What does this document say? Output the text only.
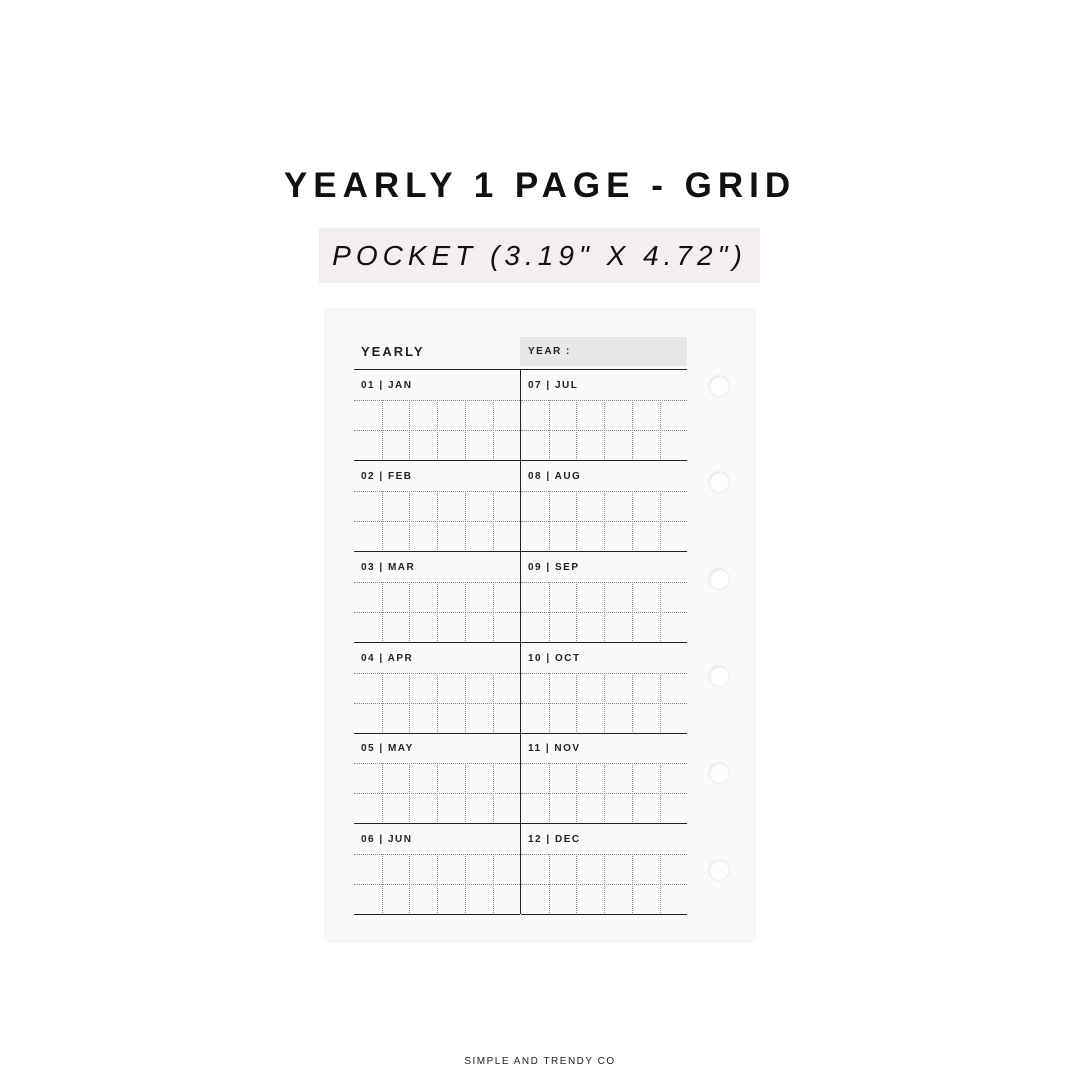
YEARLY 1 PAGE - GRID
POCKET (3.19" X 4.72")
YEARLY	YEAR :
01 | JAN
02 | FEB
03 | MAR
04 | APR
05 | MAY
06 | JUN
07 | JUL
08 | AUG
09 | SEP
10 | OCT
11 | NOV
12 | DEC
SIMPLE AND TRENDY CO
